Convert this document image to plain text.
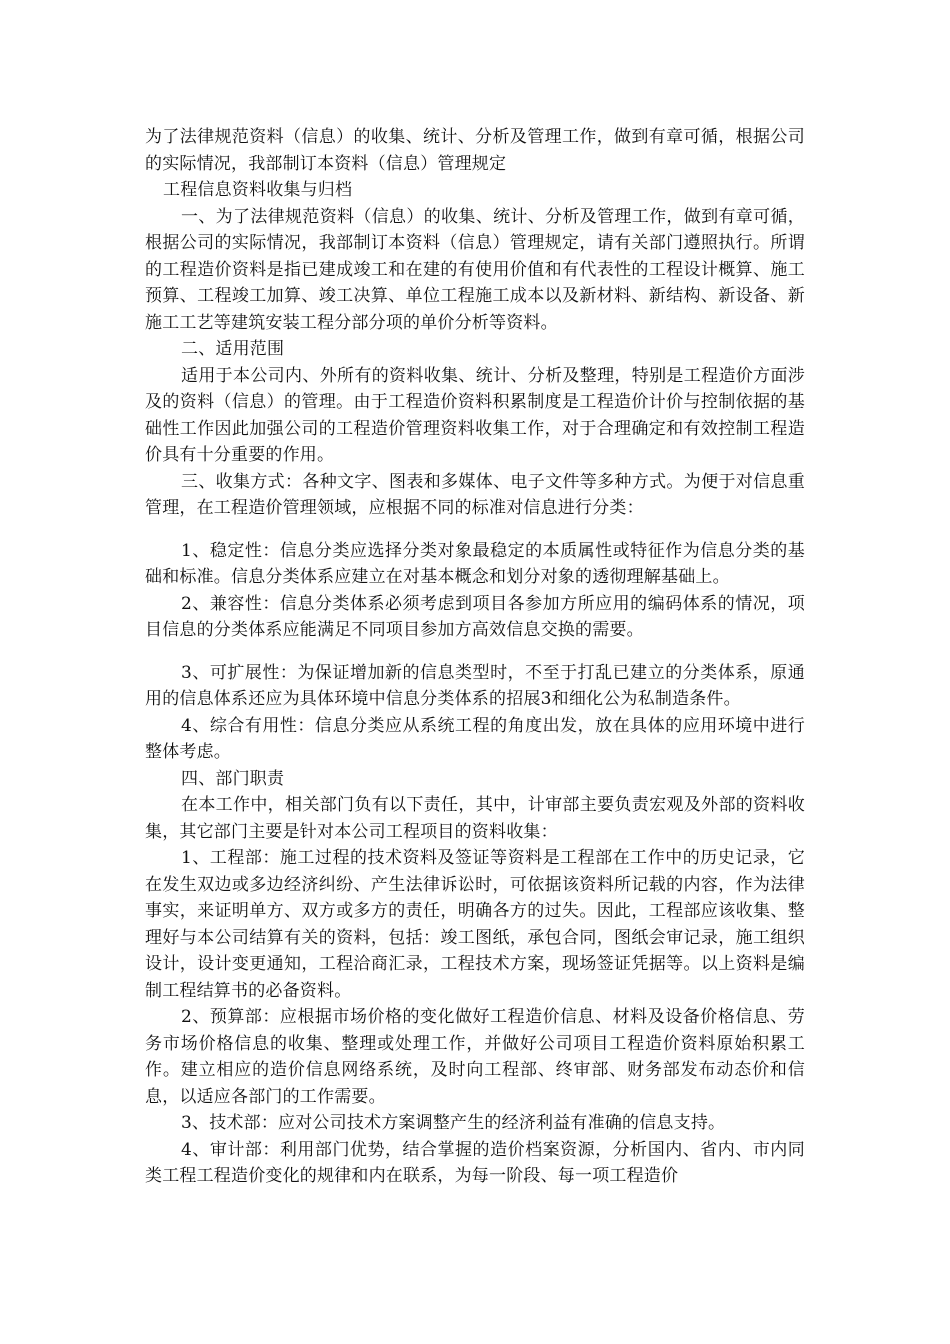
为了法律规范资料（信息）的收集、统计、分析及管理工作，做到有章可循，根据公司的实际情况，我部制订本资料（信息）管理规定

工程信息资料收集与归档

一、为了法律规范资料（信息）的收集、统计、分析及管理工作，做到有章可循，根据公司的实际情况，我部制订本资料（信息）管理规定，请有关部门遵照执行。所谓的工程造价资料是指已建成竣工和在建的有使用价值和有代表性的工程设计概算、施工预算、工程竣工加算、竣工决算、单位工程施工成本以及新材料、新结构、新设备、新施工工艺等建筑安装工程分部分项的单价分析等资料。

二、适用范围

适用于本公司内、外所有的资料收集、统计、分析及整理，特别是工程造价方面涉及的资料（信息）的管理。由于工程造价资料积累制度是工程造价计价与控制依据的基础性工作因此加强公司的工程造价管理资料收集工作，对于合理确定和有效控制工程造价具有十分重要的作用。

三、收集方式：各种文字、图表和多媒体、电子文件等多种方式。为便于对信息重管理，在工程造价管理领域，应根据不同的标准对信息进行分类：

1、稳定性：信息分类应选择分类对象最稳定的本质属性或特征作为信息分类的基础和标准。信息分类体系应建立在对基本概念和划分对象的透彻理解基础上。

2、兼容性：信息分类体系必须考虑到项目各参加方所应用的编码体系的情况，项目信息的分类体系应能满足不同项目参加方高效信息交换的需要。

3、可扩展性：为保证增加新的信息类型时，不至于打乱已建立的分类体系，原通用的信息体系还应为具体环境中信息分类体系的招展3和细化公为私制造条件。

4、综合有用性：信息分类应从系统工程的角度出发，放在具体的应用环境中进行整体考虑。

四、部门职责

在本工作中，相关部门负有以下责任，其中，计审部主要负责宏观及外部的资料收集，其它部门主要是针对本公司工程项目的资料收集：

1、工程部：施工过程的技术资料及签证等资料是工程部在工作中的历史记录，它在发生双边或多边经济纠纷、产生法律诉讼时，可依据该资料所记载的内容，作为法律事实，来证明单方、双方或多方的责任，明确各方的过失。因此，工程部应该收集、整理好与本公司结算有关的资料，包括：竣工图纸，承包合同，图纸会审记录，施工组织设计，设计变更通知，工程洽商汇录，工程技术方案，现场签证凭据等。以上资料是编制工程结算书的必备资料。

2、预算部：应根据市场价格的变化做好工程造价信息、材料及设备价格信息、劳务市场价格信息的收集、整理或处理工作，并做好公司项目工程造价资料原始积累工作。建立相应的造价信息网络系统，及时向工程部、终审部、财务部发布动态价和信息，以适应各部门的工作需要。

3、技术部：应对公司技术方案调整产生的经济利益有准确的信息支持。

4、审计部：利用部门优势，结合掌握的造价档案资源，分析国内、省内、市内同类工程工程造价变化的规律和内在联系，为每一阶段、每一项工程造价
